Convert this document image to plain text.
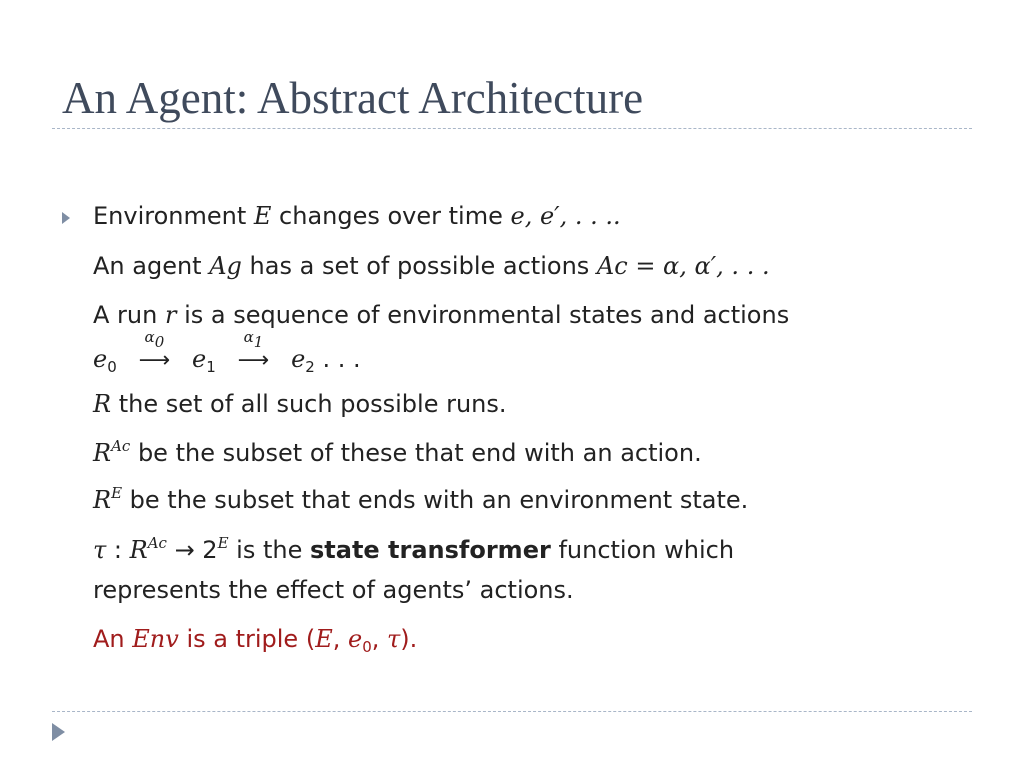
An Agent: Abstract Architecture
Environment E changes over time e, e′, . . ..
An agent Ag has a set of possible actions Ac = α, α′, . . .
A run r is a sequence of environmental states and actions
$e_0$
$\alpha_0$
⟶ $e_1$
$\alpha_1$
⟶ $e_2$ . . .
R the set of all such possible runs.
$R^{Ac}$ be the subset of these that end with an action.
$R^E$ be the subset that ends with an environment state.
τ : $R^{Ac} \to 2^E$ is the state transformer function which
represents the effect of agents’ actions.
An Env is a triple (E, $e_0$, τ).
